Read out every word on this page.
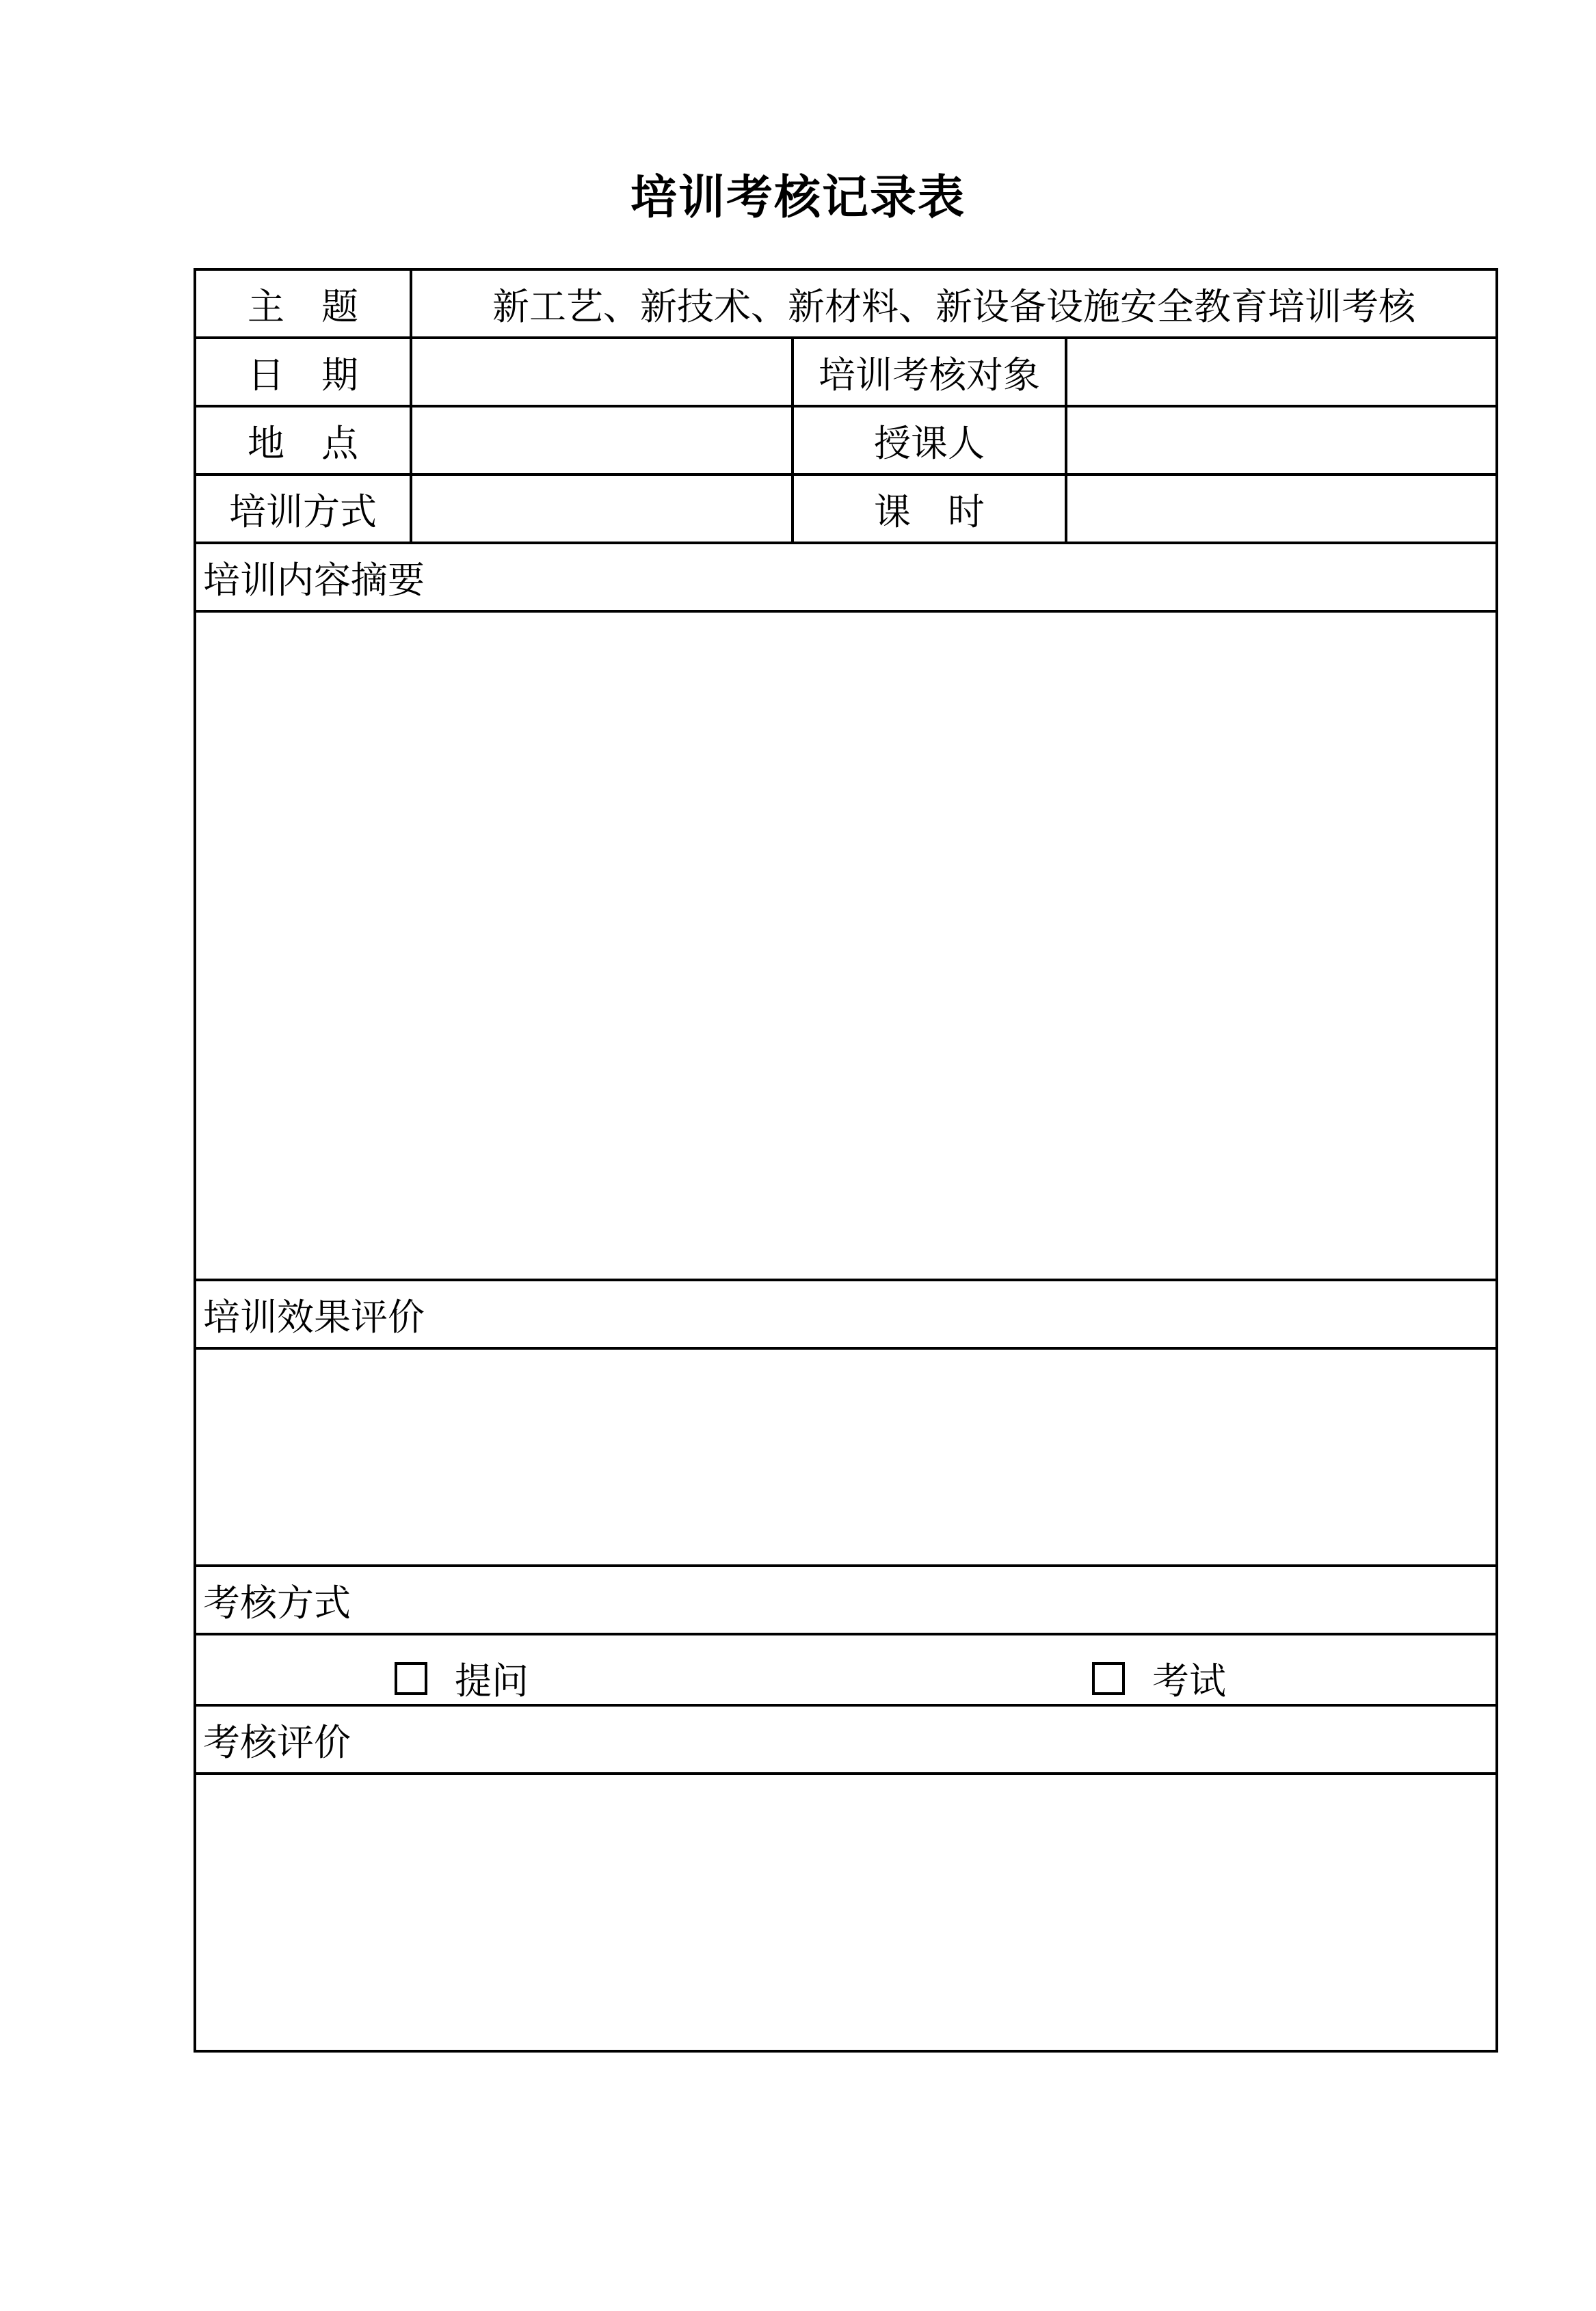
培训考核记录表
主　题	新工艺、新技术、新材料、新设备设施安全教育培训考核		
日　期		培训考核对象	
地　点		授课人	
培训方式		课　时	
培训内容摘要			

培训效果评价			

考核方式			

提问 考试			

考核评价			
